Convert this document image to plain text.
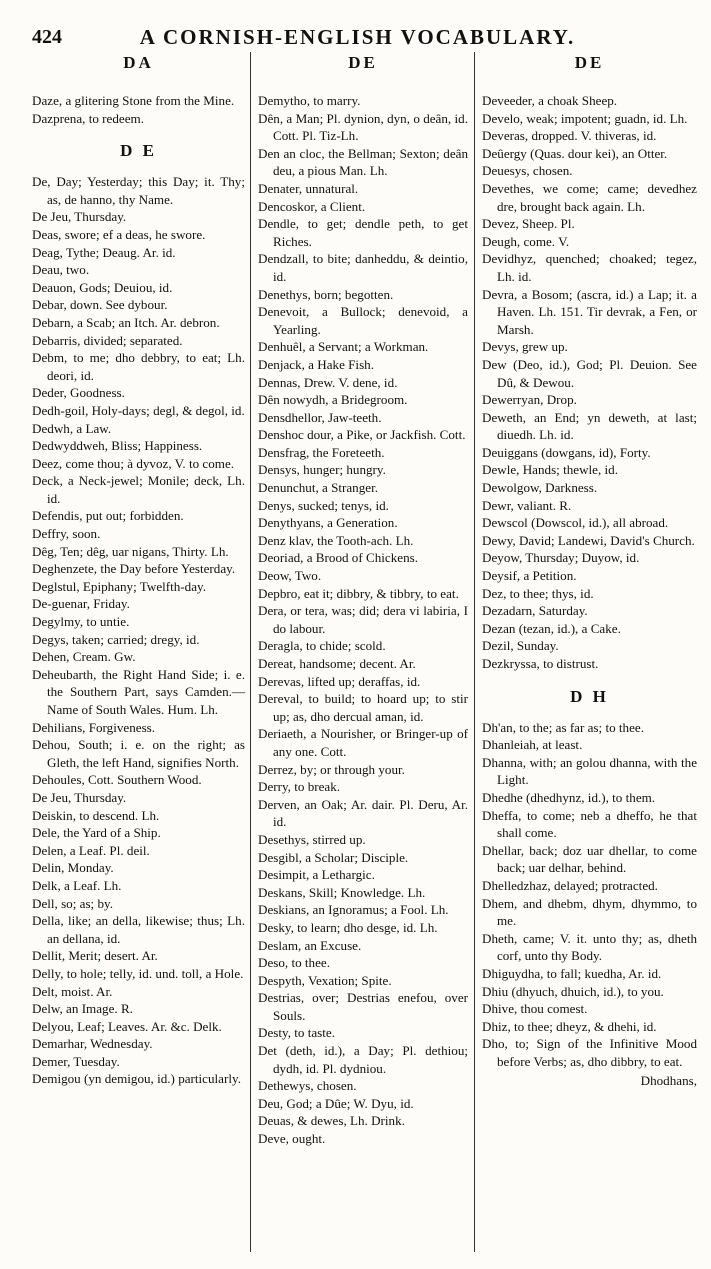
424	A CORNISH-ENGLISH VOCABULARY.
DA

Daze, a glitering Stone from the Mine.

Dazprena, to redeem.

D E

De, Day; Yesterday; this Day; it. Thy; as, de hanno, thy Name.

De Jeu, Thursday.

Deas, swore; ef a deas, he swore.

Deag, Tythe; Deaug. Ar. id.

Deau, two.

Deauon, Gods; Deuiou, id.

Debar, down. See dybour.

Debarn, a Scab; an Itch. Ar. debron.

Debarris, divided; separated.

Debm, to me; dho debbry, to eat; Lh. deori, id.

Deder, Goodness.

Dedh-goil, Holy-days; degl, & degol, id.

Dedwh, a Law.

Dedwyddweh, Bliss; Happiness.

Deez, come thou; à dyvoz, V. to come.

Deck, a Neck-jewel; Monile; deck, Lh. id.

Defendis, put out; forbidden.

Deffry, soon.

Dêg, Ten; dêg, uar nigans, Thirty. Lh.

Deghenzete, the Day before Yesterday.

Deglstul, Epiphany; Twelfth-day.

De-guenar, Friday.

Degylmy, to untie.

Degys, taken; carried; dregy, id.

Dehen, Cream. Gw.

Deheubarth, the Right Hand Side; i. e. the Southern Part, says Camden.—Name of South Wales. Hum. Lh.

Dehilians, Forgiveness.

Dehou, South; i. e. on the right; as Gleth, the left Hand, signifies North.

Dehoules, Cott. Southern Wood.

De Jeu, Thursday.

Deiskin, to descend. Lh.

Dele, the Yard of a Ship.

Delen, a Leaf. Pl. deil.

Delin, Monday.

Delk, a Leaf. Lh.

Dell, so; as; by.

Della, like; an della, likewise; thus; Lh. an dellana, id.

Dellit, Merit; desert. Ar.

Delly, to hole; telly, id. und. toll, a Hole.

Delt, moist. Ar.

Delw, an Image. R.

Delyou, Leaf; Leaves. Ar. &c. Delk.

Demarhar, Wednesday.

Demer, Tuesday.

Demigou (yn demigou, id.) particularly.

DE

Demytho, to marry.

Dên, a Man; Pl. dynion, dyn, o deân, id. Cott. Pl. Tiz-Lh.

Den an cloc, the Bellman; Sexton; deân deu, a pious Man. Lh.

Denater, unnatural.

Dencoskor, a Client.

Dendle, to get; dendle peth, to get Riches.

Dendzall, to bite; danheddu, & deintio, id.

Denethys, born; begotten.

Denevoit, a Bullock; denevoid, a Yearling.

Denhuêl, a Servant; a Workman.

Denjack, a Hake Fish.

Dennas, Drew. V. dene, id.

Dên nowydh, a Bridegroom.

Densdhellor, Jaw-teeth.

Denshoc dour, a Pike, or Jackfish. Cott.

Densfrag, the Foreteeth.

Densys, hunger; hungry.

Denunchut, a Stranger.

Denys, sucked; tenys, id.

Denythyans, a Generation.

Denz klav, the Tooth-ach. Lh.

Deoriad, a Brood of Chickens.

Deow, Two.

Depbro, eat it; dibbry, & tibbry, to eat.

Dera, or tera, was; did; dera vi labiria, I do labour.

Deragla, to chide; scold.

Dereat, handsome; decent. Ar.

Derevas, lifted up; deraffas, id.

Dereval, to build; to hoard up; to stir up; as, dho dercual aman, id.

Deriaeth, a Nourisher, or Bringer-up of any one. Cott.

Derrez, by; or through your.

Derry, to break.

Derven, an Oak; Ar. dair. Pl. Deru, Ar. id.

Desethys, stirred up.

Desgibl, a Scholar; Disciple.

Desimpit, a Lethargic.

Deskans, Skill; Knowledge. Lh.

Deskians, an Ignoramus; a Fool. Lh.

Desky, to learn; dho desge, id. Lh.

Deslam, an Excuse.

Deso, to thee.

Despyth, Vexation; Spite.

Destrias, over; Destrias enefou, over Souls.

Desty, to taste.

Det (deth, id.), a Day; Pl. dethiou; dydh, id. Pl. dydniou.

Dethewys, chosen.

Deu, God; a Dûe; W. Dyu, id.

Deuas, & dewes, Lh. Drink.

Deve, ought.

DE

Deveeder, a choak Sheep.

Develo, weak; impotent; guadn, id. Lh.

Deveras, dropped. V. thiveras, id.

Deûergy (Quas. dour kei), an Otter.

Deuesys, chosen.

Devethes, we come; came; devedhez dre, brought back again. Lh.

Devez, Sheep. Pl.

Deugh, come. V.

Devidhyz, quenched; choaked; tegez, Lh. id.

Devra, a Bosom; (ascra, id.) a Lap; it. a Haven. Lh. 151. Tir devrak, a Fen, or Marsh.

Devys, grew up.

Dew (Deo, id.), God; Pl. Deuion. See Dû, & Dewou.

Dewerryan, Drop.

Deweth, an End; yn deweth, at last; diuedh. Lh. id.

Deuiggans (dowgans, id), Forty.

Dewle, Hands; thewle, id.

Dewolgow, Darkness.

Dewr, valiant. R.

Dewscol (Dowscol, id.), all abroad.

Dewy, David; Landewi, David's Church.

Deyow, Thursday; Duyow, id.

Deysif, a Petition.

Dez, to thee; thys, id.

Dezadarn, Saturday.

Dezan (tezan, id.), a Cake.

Dezil, Sunday.

Dezkryssa, to distrust.

D H

Dh'an, to the; as far as; to thee.

Dhanleiah, at least.

Dhanna, with; an golou dhanna, with the Light.

Dhedhe (dhedhynz, id.), to them.

Dheffa, to come; neb a dheffo, he that shall come.

Dhellar, back; doz uar dhellar, to come back; uar delhar, behind.

Dhelledzhaz, delayed; protracted.

Dhem, and dhebm, dhym, dhymmo, to me.

Dheth, came; V. it. unto thy; as, dheth corf, unto thy Body.

Dhiguydha, to fall; kuedha, Ar. id.

Dhiu (dhyuch, dhuich, id.), to you.

Dhive, thou comest.

Dhiz, to thee; dheyz, & dhehi, id.

Dho, to; Sign of the Infinitive Mood before Verbs; as, dho dibbry, to eat.

Dhodhans,
